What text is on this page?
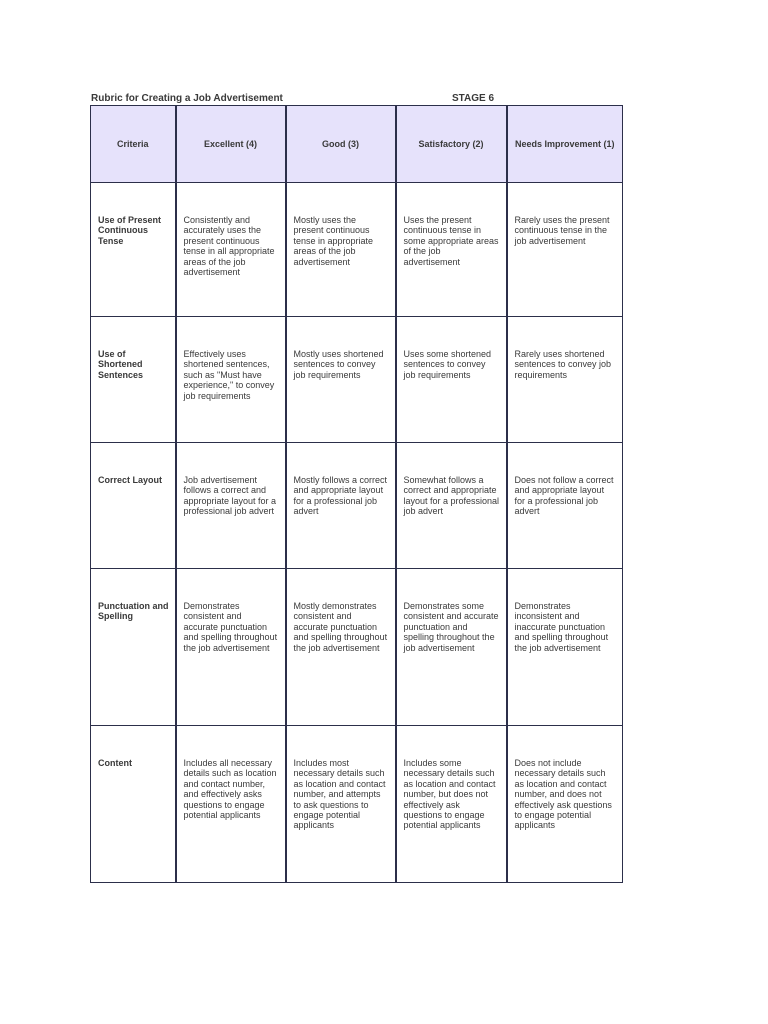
Rubric for Creating a Job Advertisement	STAGE 6
Criteria	Excellent (4)	Good (3)	Satisfactory (2)	Needs Improvement (1)

Use of Present Continuous Tense	Consistently and accurately uses the present continuous tense in all appropriate areas of the job advertisement	Mostly uses the present continuous tense in appropriate areas of the job advertisement	Uses the present continuous tense in some appropriate areas of the job advertisement	Rarely uses the present continuous tense in the job advertisement

Use of Shortened Sentences	Effectively uses shortened sentences, such as "Must have experience," to convey job requirements	Mostly uses shortened sentences to convey job requirements	Uses some shortened sentences to convey job requirements	Rarely uses shortened sentences to convey job requirements

Correct Layout	Job advertisement follows a correct and appropriate layout for a professional job advert	Mostly follows a correct and appropriate layout for a professional job advert	Somewhat follows a correct and appropriate layout for a professional job advert	Does not follow a correct and appropriate layout for a professional job advert

Punctuation and Spelling	Demonstrates consistent and accurate punctuation and spelling throughout the job advertisement	Mostly demonstrates consistent and accurate punctuation and spelling throughout the job advertisement	Demonstrates some consistent and accurate punctuation and spelling throughout the job advertisement	Demonstrates inconsistent and inaccurate punctuation and spelling throughout the job advertisement

Content	Includes all necessary details such as location and contact number, and effectively asks questions to engage potential applicants	Includes most necessary details such as location and contact number, and attempts to ask questions to engage potential applicants	Includes some necessary details such as location and contact number, but does not effectively ask questions to engage potential applicants	Does not include necessary details such as location and contact number, and does not effectively ask questions to engage potential applicants
